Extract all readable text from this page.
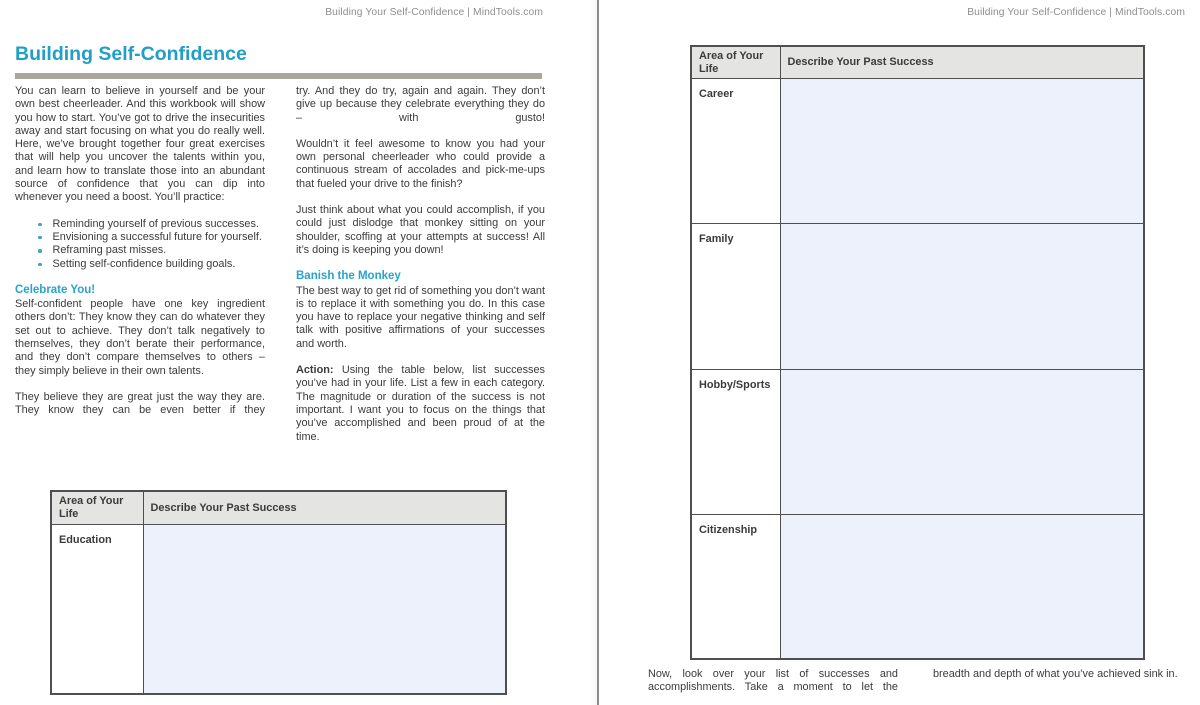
Building Your Self-Confidence | MindTools.com
Building Self-Confidence

You can learn to believe in yourself and be your own best cheerleader. And this workbook will show you how to start. You’ve got to drive the insecurities away and start focusing on what you do really well. Here, we’ve brought together four great exercises that will help you uncover the talents within you, and learn how to translate those into an abundant source of confidence that you can dip into whenever you need a boost. You’ll practice:

Reminding yourself of previous successes.
Envisioning a successful future for yourself.
Reframing past misses.
Setting self-confidence building goals.
Celebrate You!

Self-confident people have one key ingredient others don’t: They know they can do whatever they set out to achieve. They don’t talk negatively to themselves, they don’t berate their performance, and they don’t compare themselves to others – they simply believe in their own talents.

They believe they are great just the way they are. They know they can be even better if they

try. And they do try, again and again. They don’t give up because they celebrate everything they do – with gusto!

Wouldn’t it feel awesome to know you had your own personal cheerleader who could provide a continuous stream of accolades and pick-me-ups that fueled your drive to the finish?

Just think about what you could accomplish, if you could just dislodge that monkey sitting on your shoulder, scoffing at your attempts at success! All it’s doing is keeping you down!

Banish the Monkey

The best way to get rid of something you don’t want is to replace it with something you do. In this case you have to replace your negative thinking and self talk with positive affirmations of your successes and worth.

Action: Using the table below, list successes you’ve had in your life. List a few in each category. The magnitude or duration of the success is not important. I want you to focus on the things that you’ve accomplished and been proud of at the time.

Area of Your Life	Describe Your Past Success
Education	
Building Your Self-Confidence | MindTools.com
Area of Your Life	Describe Your Past Success
Career	
Family	
Hobby/Sports	
Citizenship	

Now, look over your list of successes and accomplishments. Take a moment to let the

breadth and depth of what you’ve achieved sink in.
